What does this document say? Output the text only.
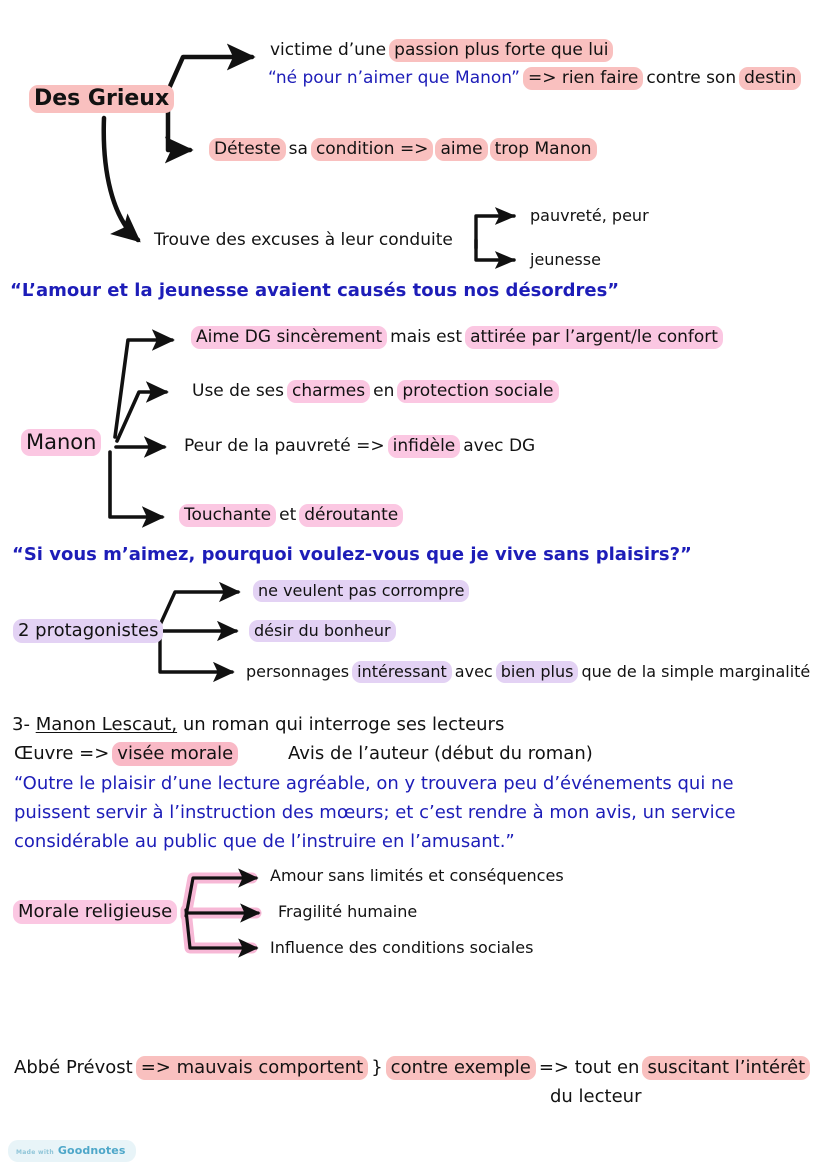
Des Grieux
victime d’une passion plus forte que lui
“né pour n’aimer que Manon” => rien faire contre son destin
Déteste sa condition => aime trop Manon
Trouve des excuses à leur conduite
pauvreté, peur
jeunesse
“L’amour et la jeunesse avaient causés tous nos désordres”
Manon
Aime DG sincèrement mais est attirée par l’argent/le confort
Use de ses charmes en protection sociale
Peur de la pauvreté => infidèle avec DG
Touchante et déroutante
“Si vous m’aimez, pourquoi voulez-vous que je vive sans plaisirs?”
2 protagonistes
ne veulent pas corrompre
désir du bonheur
personnages intéressant avec bien plus que de la simple marginalité
3- Manon Lescaut, un roman qui interroge ses lecteurs
Œuvre => visée morale	Avis de l’auteur (début du roman)
“Outre le plaisir d’une lecture agréable, on y trouvera peu d’événements qui ne
puissent servir à l’instruction des mœurs; et c’est rendre à mon avis, un service
considérable au public que de l’instruire en l’amusant.”
Morale religieuse
Amour sans limités et conséquences
Fragilité humaine
Influence des conditions sociales
Abbé Prévost => mauvais comportent } contre exemple => tout en suscitant l’intérêt
du lecteur
Made with Goodnotes
